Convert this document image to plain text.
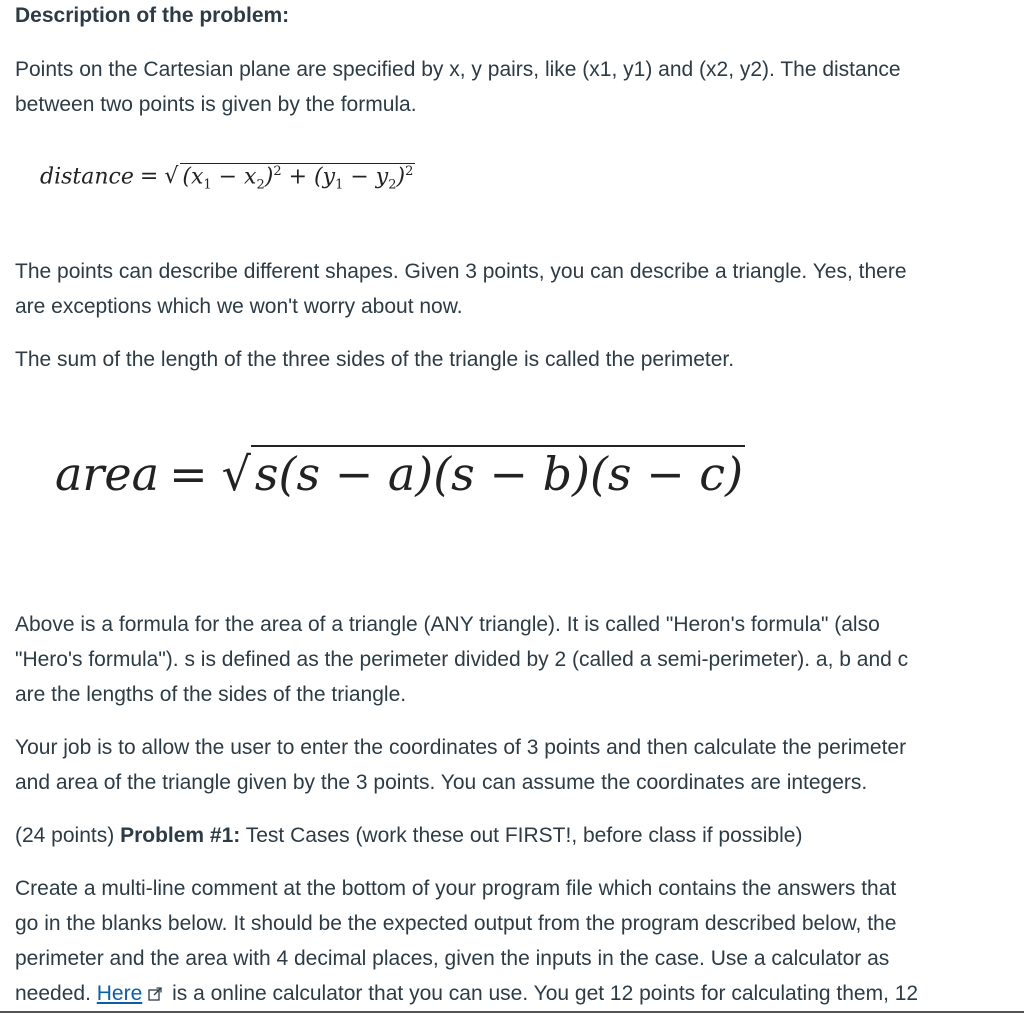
Description of the problem:

Points on the Cartesian plane are specified by x, y pairs, like (x1, y1) and (x2, y2). The distance
between two points is given by the formula.

distance = √ $(x_1 - x_2)^2 + (y_1 - y_2)^2$

The points can describe different shapes. Given 3 points, you can describe a triangle. Yes, there
are exceptions which we won't worry about now.

The sum of the length of the three sides of the triangle is called the perimeter.

area = √s(s − a)(s − b)(s − c)

Above is a formula for the area of a triangle (ANY triangle). It is called "Heron's formula" (also
"Hero's formula"). s is defined as the perimeter divided by 2 (called a semi-perimeter). a, b and c
are the lengths of the sides of the triangle.

Your job is to allow the user to enter the coordinates of 3 points and then calculate the perimeter
and area of the triangle given by the 3 points. You can assume the coordinates are integers.

(24 points) Problem #1: Test Cases (work these out FIRST!, before class if possible)

Create a multi-line comment at the bottom of your program file which contains the answers that
go in the blanks below. It should be the expected output from the program described below, the
perimeter and the area with 4 decimal places, given the inputs in the case. Use a calculator as
needed. Here is a online calculator that you can use. You get 12 points for calculating them, 12
